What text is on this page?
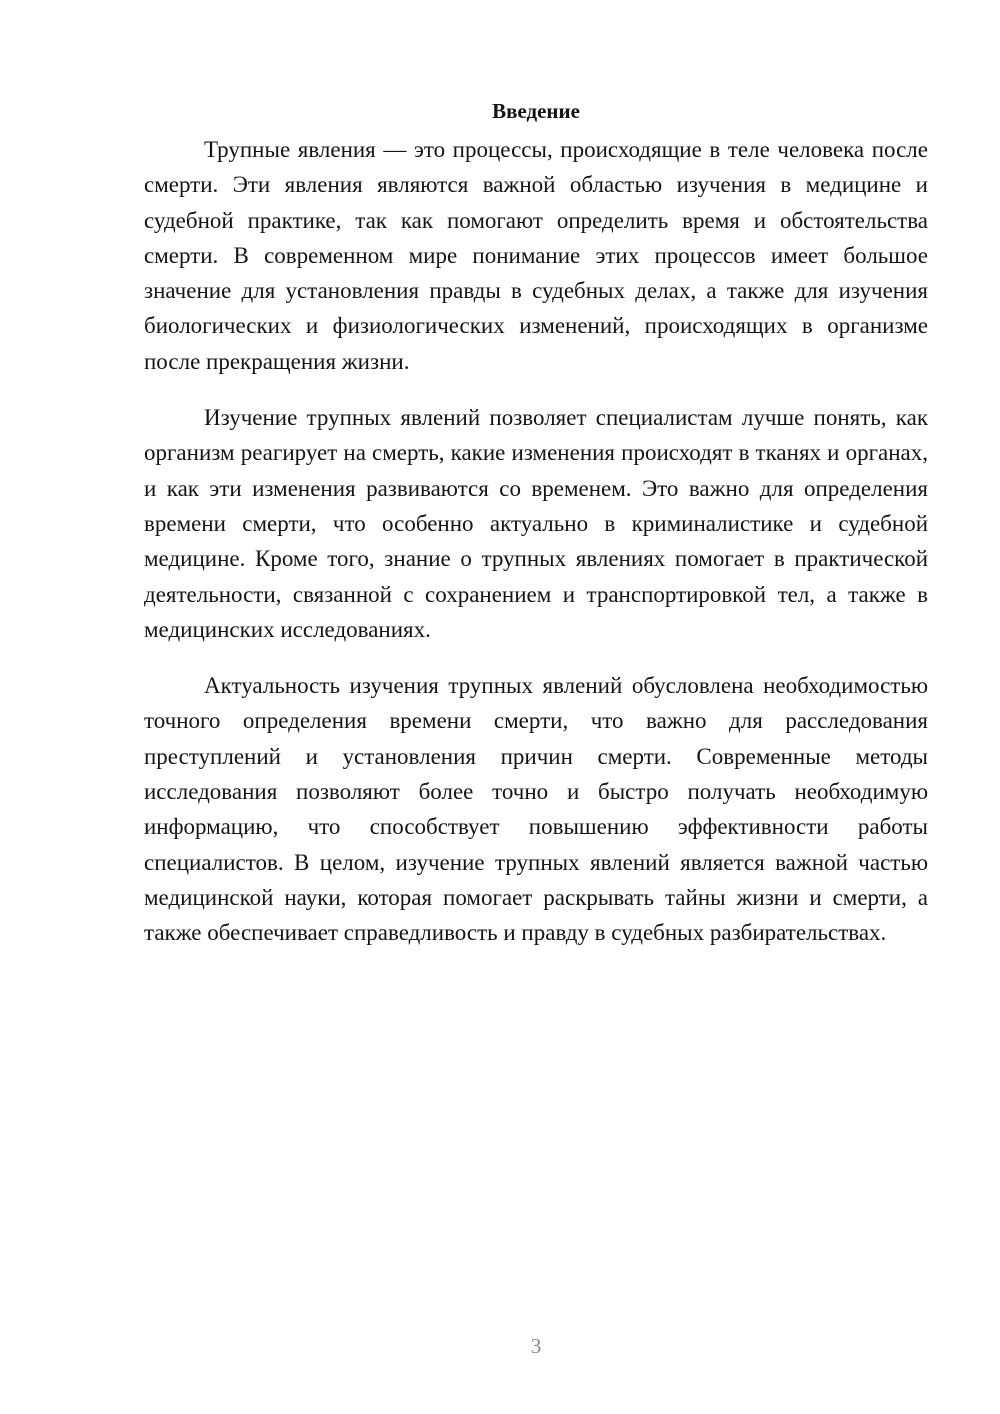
Введение

Трупные явления — это процессы, происходящие в теле человека после смерти. Эти явления являются важной областью изучения в медицине и судебной практике, так как помогают определить время и обстоятельства смерти. В современном мире понимание этих процессов имеет большое значение для установления правды в судебных делах, а также для изучения биологических и физиологических изменений, происходящих в организме после прекращения жизни.

Изучение трупных явлений позволяет специалистам лучше понять, как организм реагирует на смерть, какие изменения происходят в тканях и органах, и как эти изменения развиваются со временем. Это важно для определения времени смерти, что особенно актуально в криминалистике и судебной медицине. Кроме того, знание о трупных явлениях помогает в практической деятельности, связанной с сохранением и транспортировкой тел, а также в медицинских исследованиях.

Актуальность изучения трупных явлений обусловлена необходимостью точного определения времени смерти, что важно для расследования преступлений и установления причин смерти. Современные методы исследования позволяют более точно и быстро получать необходимую информацию, что способствует повышению эффективности работы специалистов. В целом, изучение трупных явлений является важной частью медицинской науки, которая помогает раскрывать тайны жизни и смерти, а также обеспечивает справедливость и правду в судебных разбирательствах.

3
